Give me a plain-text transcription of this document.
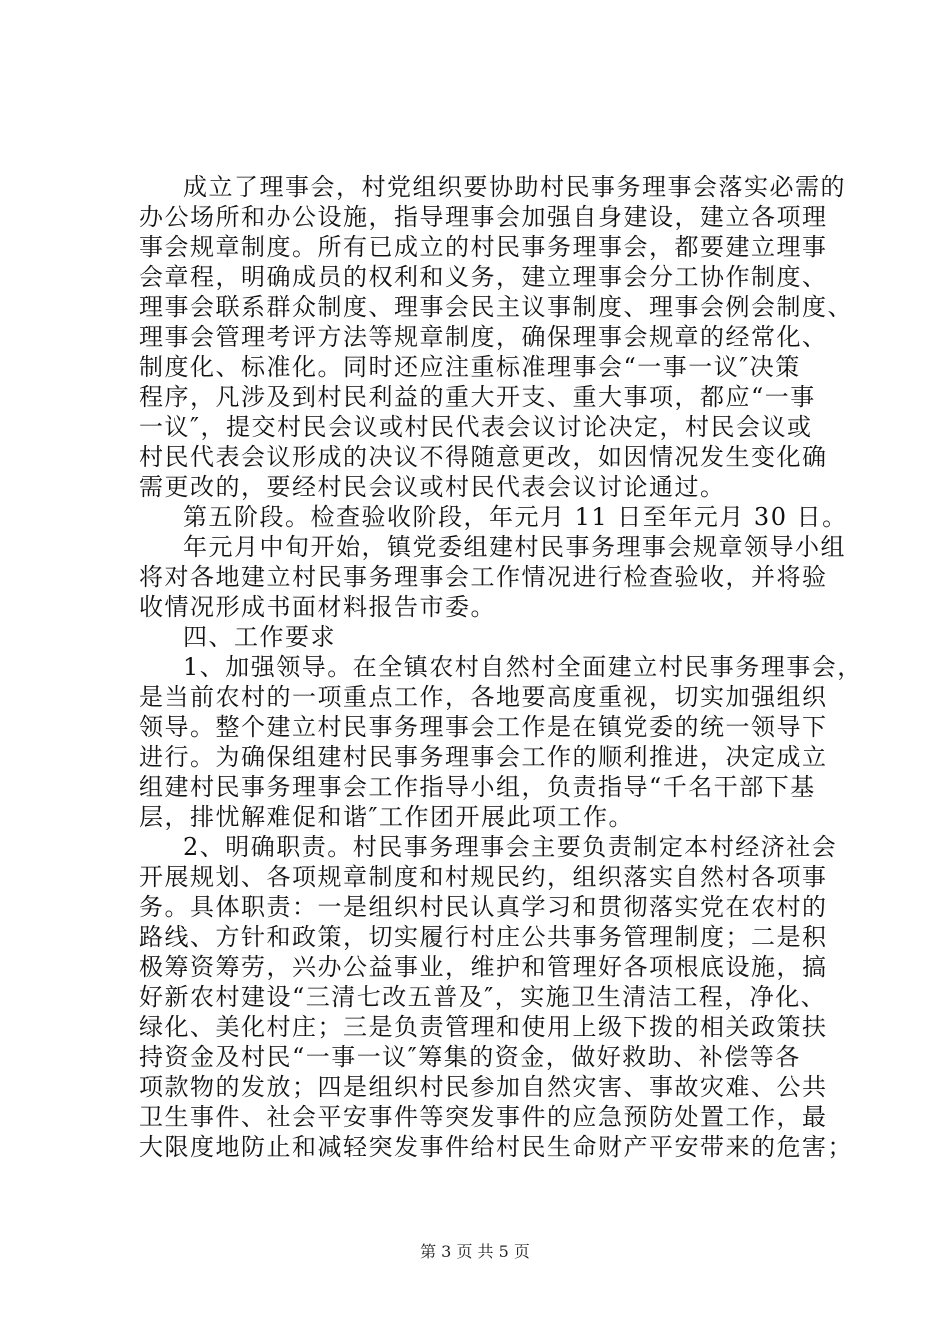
成立了理事会，村党组织要协助村民事务理事会落实必需的
办公场所和办公设施，指导理事会加强自身建设，建立各项理
事会规章制度。所有已成立的村民事务理事会，都要建立理事
会章程，明确成员的权利和义务，建立理事会分工协作制度、
理事会联系群众制度、理事会民主议事制度、理事会例会制度、
理事会管理考评方法等规章制度，确保理事会规章的经常化、
制度化、标准化。同时还应注重标准理事会“一事一议″决策
程序，凡涉及到村民利益的重大开支、重大事项，都应“一事
一议″，提交村民会议或村民代表会议讨论决定，村民会议或
村民代表会议形成的决议不得随意更改，如因情况发生变化确
需更改的，要经村民会议或村民代表会议讨论通过。
第五阶段。检查验收阶段，年元月 11 日至年元月 30 日。
年元月中旬开始，镇党委组建村民事务理事会规章领导小组
将对各地建立村民事务理事会工作情况进行检查验收，并将验
收情况形成书面材料报告市委。
四、工作要求
1、加强领导。在全镇农村自然村全面建立村民事务理事会，
是当前农村的一项重点工作，各地要高度重视，切实加强组织
领导。整个建立村民事务理事会工作是在镇党委的统一领导下
进行。为确保组建村民事务理事会工作的顺利推进，决定成立
组建村民事务理事会工作指导小组，负责指导“千名干部下基
层，排忧解难促和谐″工作团开展此项工作。
2、明确职责。村民事务理事会主要负责制定本村经济社会
开展规划、各项规章制度和村规民约，组织落实自然村各项事
务。具体职责：一是组织村民认真学习和贯彻落实党在农村的
路线、方针和政策，切实履行村庄公共事务管理制度；二是积
极筹资筹劳，兴办公益事业，维护和管理好各项根底设施，搞
好新农村建设“三清七改五普及″，实施卫生清洁工程，净化、
绿化、美化村庄；三是负责管理和使用上级下拨的相关政策扶
持资金及村民“一事一议″筹集的资金，做好救助、补偿等各
项款物的发放；四是组织村民参加自然灾害、事故灾难、公共
卫生事件、社会平安事件等突发事件的应急预防处置工作，最
大限度地防止和减轻突发事件给村民生命财产平安带来的危害；
第 3 页 共 5 页
